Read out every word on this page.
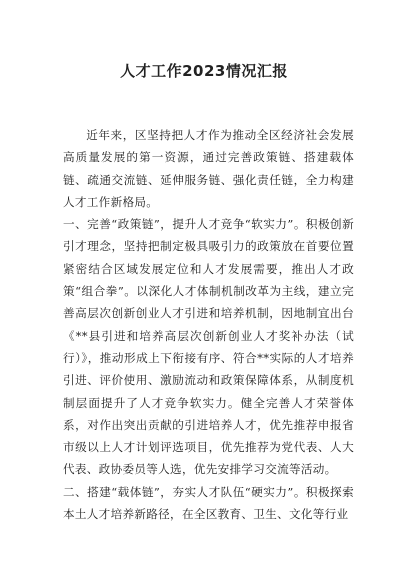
人才工作2023情况汇报

近年来，区坚持把人才作为推动全区经济社会发展高质量发展的第一资源，通过完善政策链、搭建载体链、疏通交流链、延伸服务链、强化责任链，全力构建人才工作新格局。

一、完善“政策链”，提升人才竞争“软实力”。积极创新引才理念，坚持把制定极具吸引力的政策放在首要位置紧密结合区域发展定位和人才发展需要，推出人才政策“组合拳”。以深化人才体制机制改革为主线，建立完善高层次创新创业人才引进和培养机制，因地制宜出台《**县引进和培养高层次创新创业人才奖补办法（试行）》，推动形成上下衔接有序、符合**实际的人才培养引进、评价使用、激励流动和政策保障体系，从制度机制层面提升了人才竞争软实力。健全完善人才荣誉体系，对作出突出贡献的引进培养人才，优先推荐申报省市级以上人才计划评选项目，优先推荐为党代表、人大代表、政协委员等人选，优先安排学习交流等活动。

二、搭建“载体链”，夯实人才队伍“硬实力”。积极探索本土人才培养新路径，在全区教育、卫生、文化等行业
